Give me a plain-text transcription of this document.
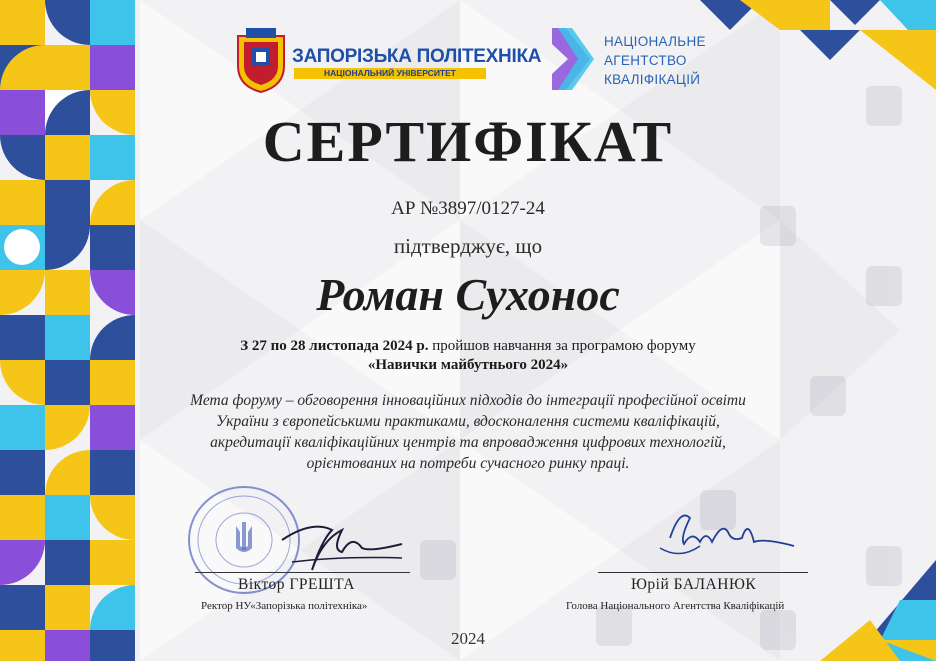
ЗАПОРІЗЬКА ПОЛІТЕХНІКА
НАЦІОНАЛЬНИЙ УНІВЕРСИТЕТ
НАЦІОНАЛЬНЕ
АГЕНТСТВО
КВАЛІФІКАЦІЙ
СЕРТИФІКАТ
АР №3897/0127-24
підтверджує, що
Роман Сухонос
З 27 по 28 листопада 2024 р. пройшов навчання за програмою форуму
«Навички майбутнього 2024»
Мета форуму – обговорення інноваційних підходів до інтеграції професійної освіти
України з європейськими практиками, вдосконалення системи кваліфікацій,
акредитації кваліфікаційних центрів та впровадження цифрових технологій,
орієнтованих на потреби сучасного ринку праці.
Віктор ГРЕШТА
Ректор НУ«Запорізька політехніка»
Юрій БАЛАНЮК
Голова Національного Агентства Кваліфікацій
2024
